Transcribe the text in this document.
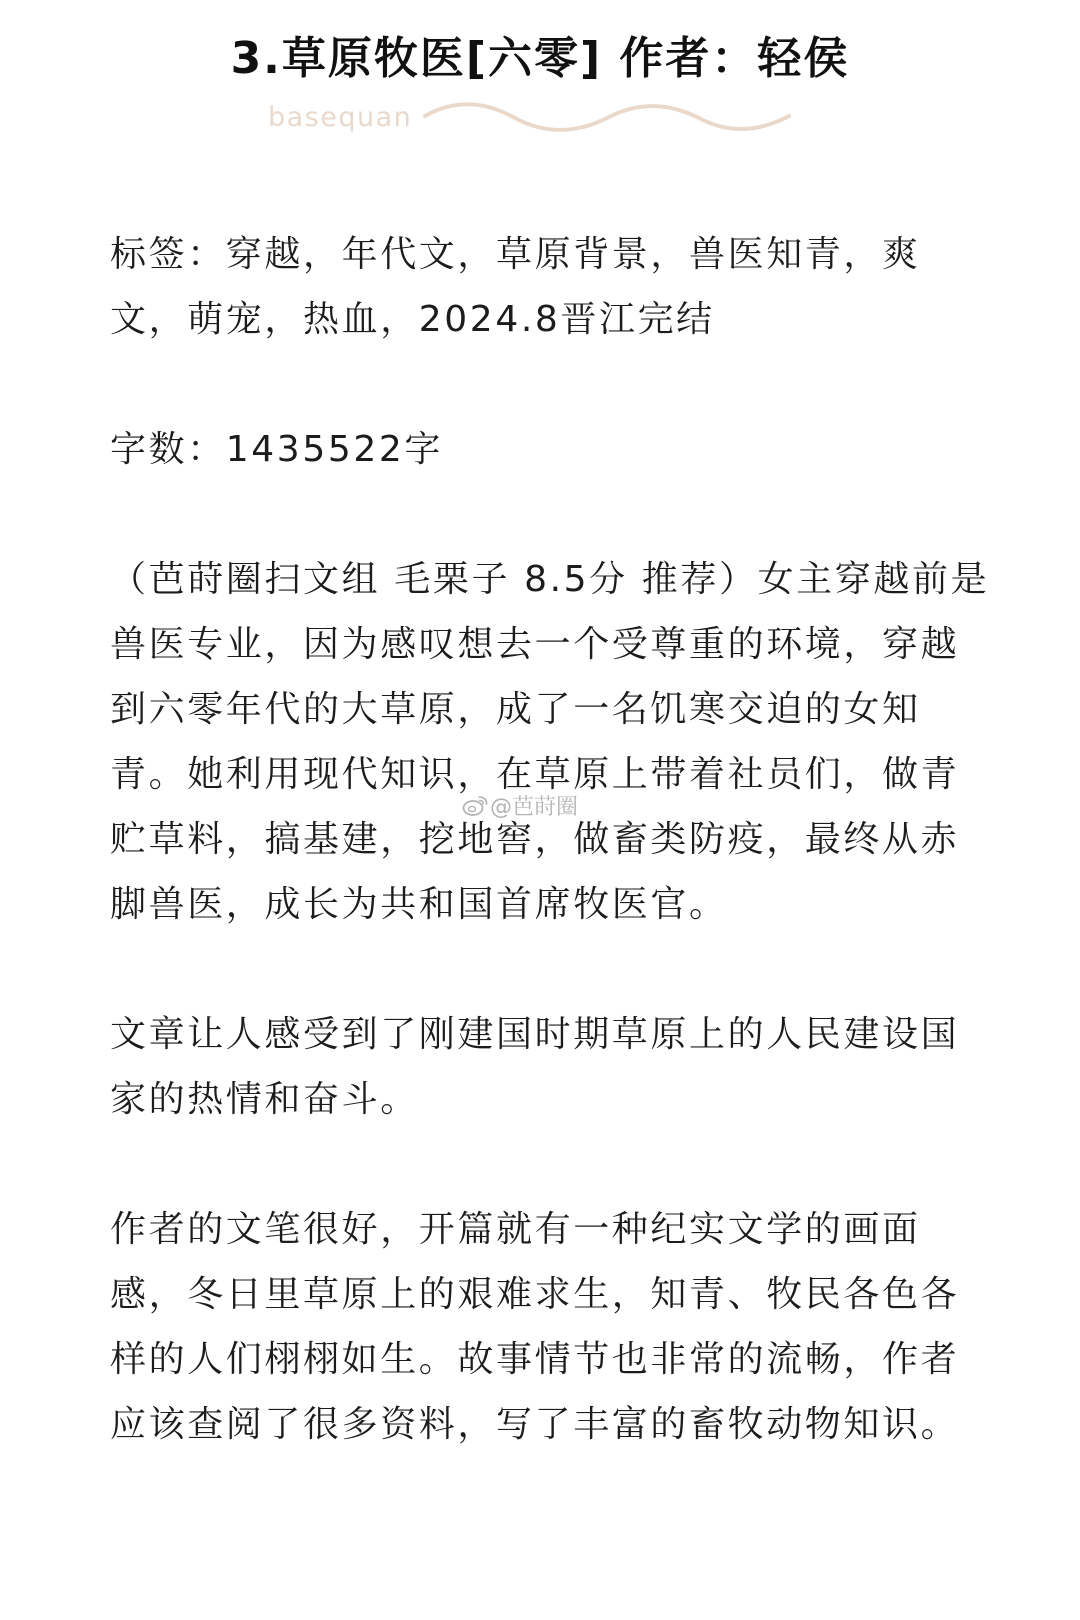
3.草原牧医[六零] 作者：轻侯
basequan

标签：穿越，年代文，草原背景，兽医知青，爽文，萌宠，热血，2024.8晋江完结

字数：1435522字

（芭莳圈扫文组 毛栗子 8.5分 推荐）女主穿越前是兽医专业，因为感叹想去一个受尊重的环境，穿越到六零年代的大草原，成了一名饥寒交迫的女知青。她利用现代知识，在草原上带着社员们，做青贮草料，搞基建，挖地窖，做畜类防疫，最终从赤脚兽医，成长为共和国首席牧医官。

文章让人感受到了刚建国时期草原上的人民建设国家的热情和奋斗。

作者的文笔很好，开篇就有一种纪实文学的画面感，冬日里草原上的艰难求生，知青、牧民各色各样的人们栩栩如生。故事情节也非常的流畅，作者应该查阅了很多资料，写了丰富的畜牧动物知识。

@芭莳圈
